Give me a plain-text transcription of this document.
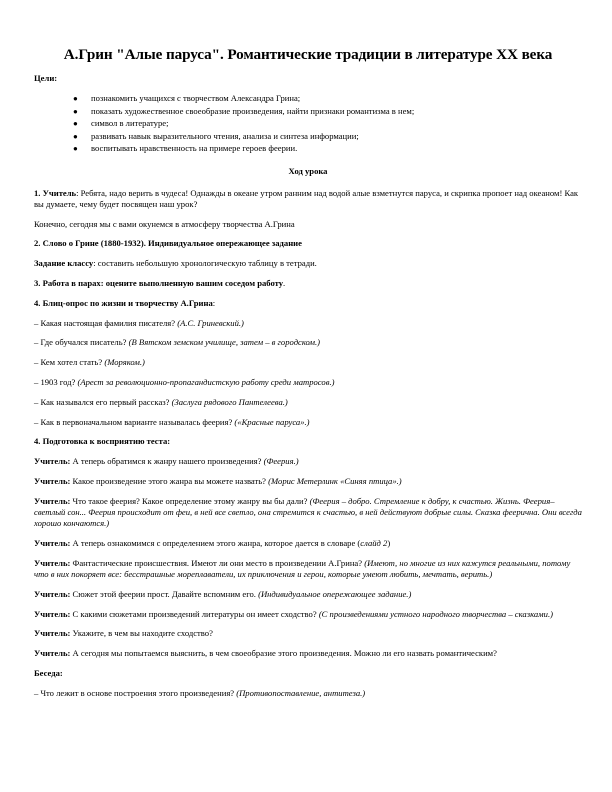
А.Грин "Алые паруса". Романтические традиции в литературе XX века
Цели:
● познакомить учащихся с творчеством Александра Грина;
● показать художественное своеобразие произведения, найти признаки романтизма в нем;
● символ в литературе;
● развивать навык выразительного чтения, анализа и синтеза информации;
● воспитывать нравственность на примере героев феерии.
Ход урока

1. Учитель: Ребята, надо верить в чудеса! Однажды в океане утром ранним над водой алые взметнутся паруса, и скрипка пропоет над океаном! Как вы думаете, чему будет посвящен наш урок?

Конечно, сегодня мы с вами окунемся в атмосферу творчества А.Грина

2. Слово о Грине (1880-1932). Индивидуальное опережающее задание

Задание классу: составить небольшую хронологическую таблицу в тетради.

3. Работа в парах: оцените выполненную вашим соседом работу.

4. Блиц-опрос по жизни и творчеству А.Грина:

– Какая настоящая фамилия писателя? (А.С. Гриневский.)

– Где обучался писатель? (В Вятском земском училище, затем – в городском.)

– Кем хотел стать? (Моряком.)

– 1903 год? (Арест за революционно-пропагандистскую работу среди матросов.)

– Как назывался его первый рассказ? (Заслуга рядового Пантелеева.)

– Как в первоначальном варианте называлась феерия? («Красные паруса».)

4. Подготовка к восприятию теста:

Учитель: А теперь обратимся к жанру нашего произведения? (Феерия.)

Учитель: Какое произведение этого жанра вы можете назвать? (Морис Метерлинк «Синяя птица».)

Учитель: Что такое феерия? Какое определение этому жанру вы бы дали? (Феерия – добро. Стремление к добру, к счастью. Жизнь. Феерия– светлый сон... Феерия происходит от феи, в ней все светло, она стремится к счастью, в ней действуют добрые силы. Сказка феерична. Они всегда хорошо кончаются.)

Учитель: А теперь ознакомимся с определением этого жанра, которое дается в словаре (слайд 2)

Учитель: Фантастические происшествия. Имеют ли они место в произведении А.Грина? (Имеют, но многие из них кажутся реальными, потому что в них покоряет все: бесстрашные мореплаватели, их приключения и герои, которые умеют любить, мечтать, верить.)

Учитель: Сюжет этой феерии прост. Давайте вспомним его. (Индивидуальное опережающее задание.)

Учитель: С какими сюжетами произведений литературы он имеет сходство? (С произведениями устного народного творчества – сказками.)

Учитель: Укажите, в чем вы находите сходство?

Учитель: А сегодня мы попытаемся выяснить, в чем своеобразие этого произведения. Можно ли его назвать романтическим?

Беседа:

– Что лежит в основе построения этого произведения? (Противопоставление, антитеза.)
